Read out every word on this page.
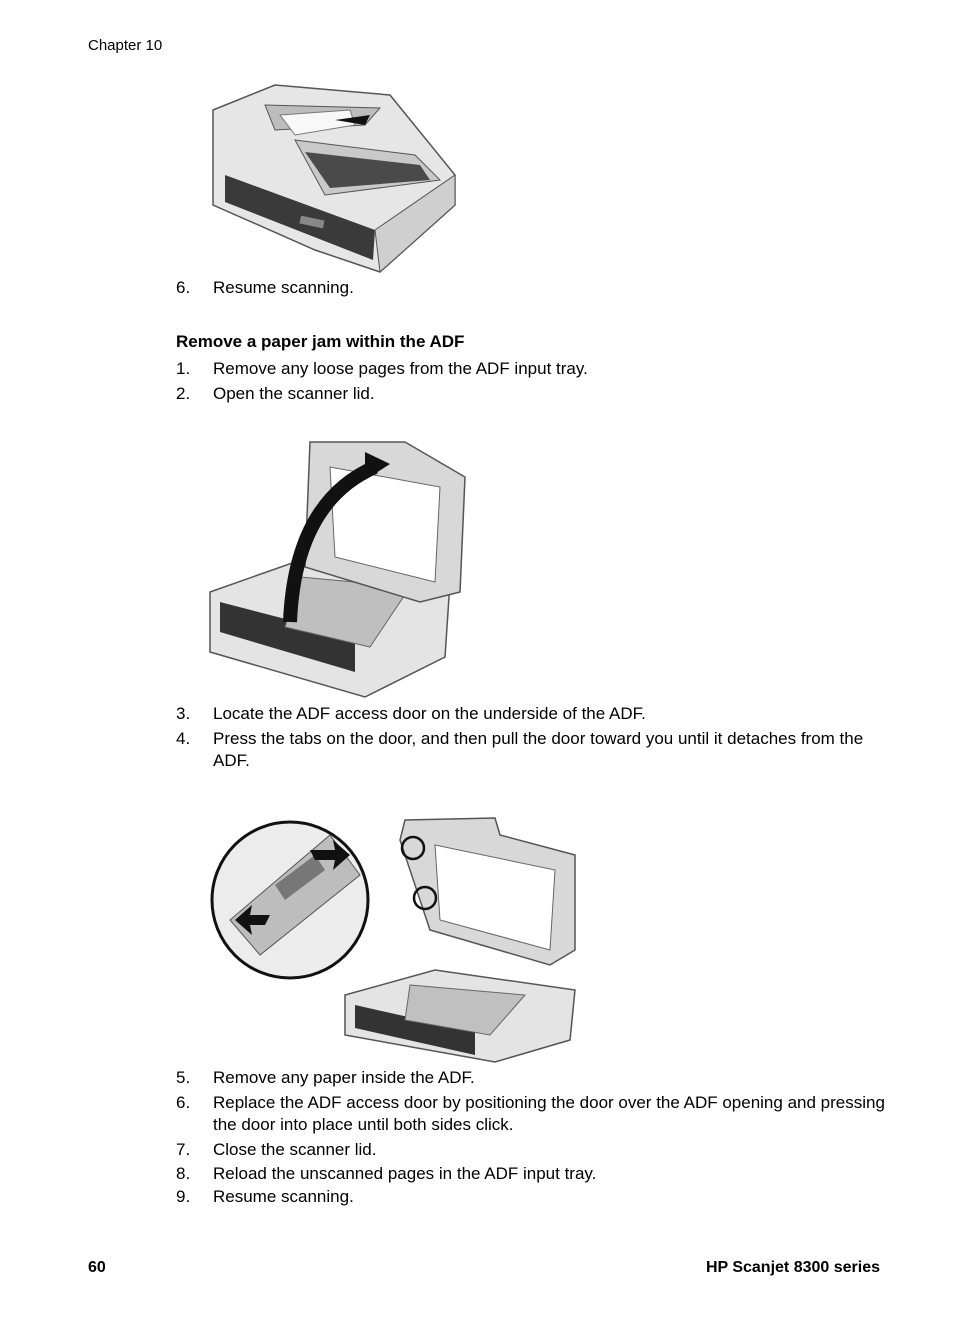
Chapter 10
6.	Resume scanning.
Remove a paper jam within the ADF
1.	Remove any loose pages from the ADF input tray.
2.	Open the scanner lid.
3.	Locate the ADF access door on the underside of the ADF.
4.	Press the tabs on the door, and then pull the door toward you until it detaches from the ADF.
5.	Remove any paper inside the ADF.
6.	Replace the ADF access door by positioning the door over the ADF opening and pressing the door into place until both sides click.
7.	Close the scanner lid.
8.	Reload the unscanned pages in the ADF input tray.
9.	Resume scanning.
60	HP Scanjet 8300 series
